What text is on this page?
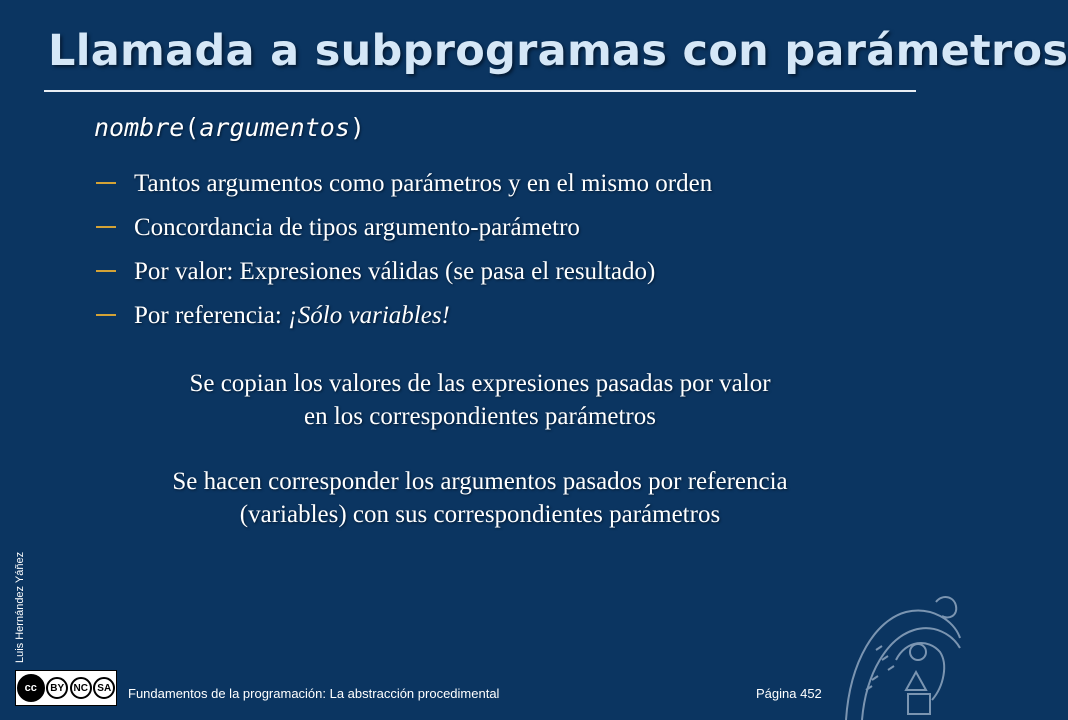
Llamada a subprogramas con parámetros
nombre(argumentos)
Tantos argumentos como parámetros y en el mismo orden
Concordancia de tipos argumento-parámetro
Por valor: Expresiones válidas (se pasa el resultado)
Por referencia: ¡Sólo variables!
Se copian los valores de las expresiones pasadas por valor
en los correspondientes parámetros
Se hacen corresponder los argumentos pasados por referencia
(variables) con sus correspondientes parámetros
Luis Hernández Yáñez
cc	BY NC SA	Fundamentos de la programación: La abstracción procedimental	Página 452
